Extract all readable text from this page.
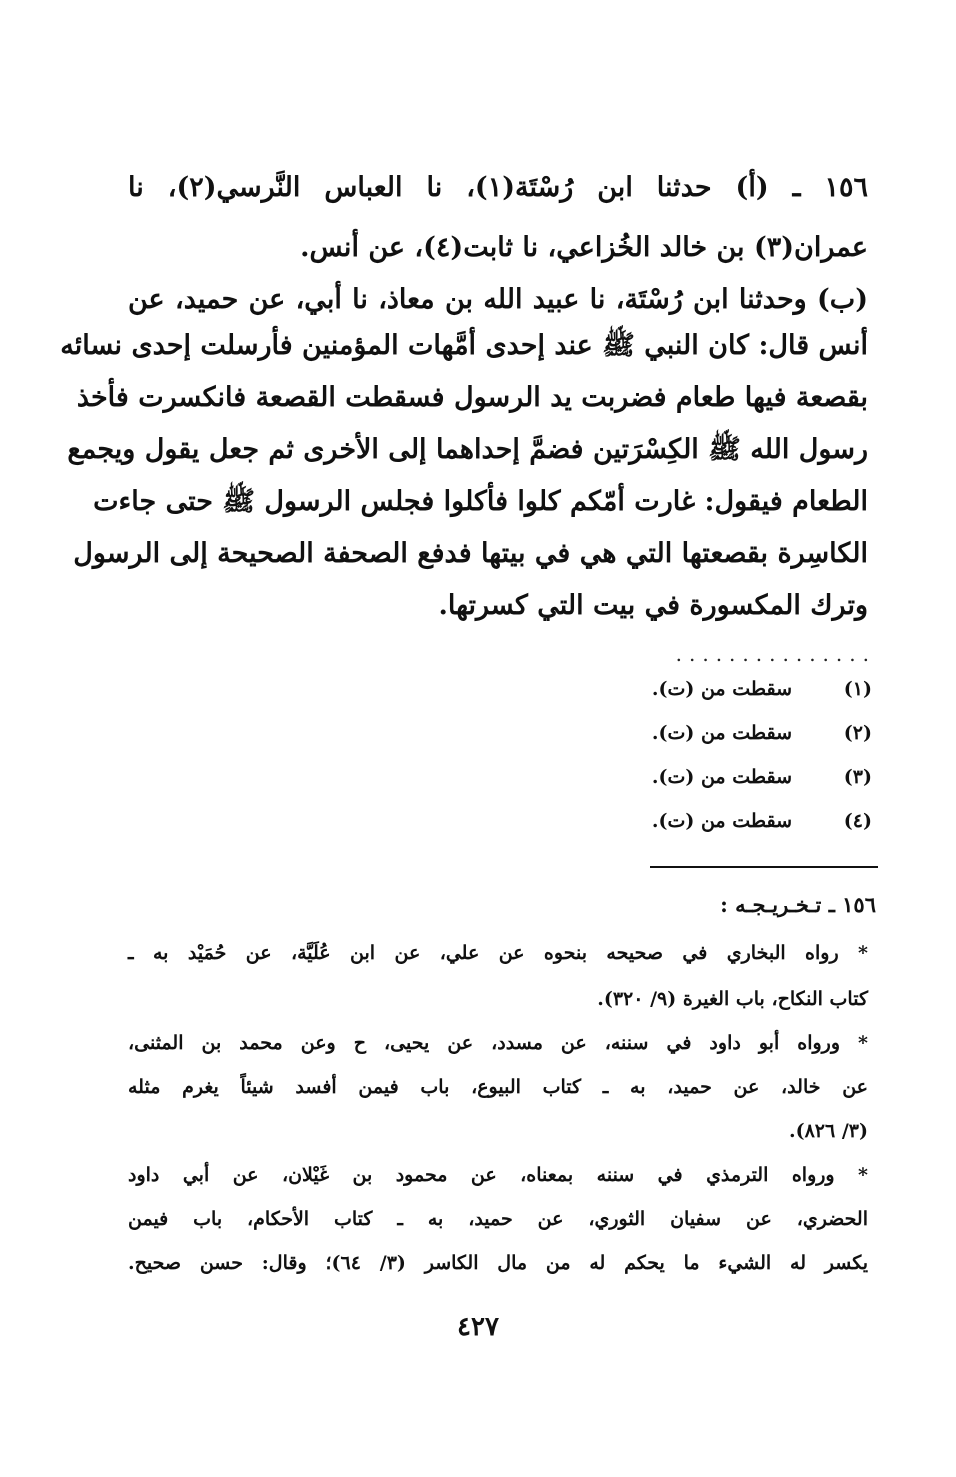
١٥٦ ـ (أ) حدثنا ابن رُسْتَة(١)، نا العباس النَّرسي(٢)، نا
عمران(٣) بن خالد الخُزاعي، نا ثابت(٤)، عن أنس.
(ب) وحدثنا ابن رُسْتَة، نا عبيد الله بن معاذ، نا أبي، عن حميد، عن
أنس قال: كان النبي ﷺ عند إحدى أمَّهات المؤمنين فأرسلت إحدى نسائه
بقصعة فيها طعام فضربت يد الرسول فسقطت القصعة فانكسرت فأخذ
رسول الله ﷺ الكِسْرَتين فضمَّ إحداهما إلى الأخرى ثم جعل يقول ويجمع
الطعام فيقول: غارت أمّكم كلوا فأكلوا فجلس الرسول ﷺ حتى جاءت
الكاسِرة بقصعتها التي هي في بيتها فدفع الصحفة الصحيحة إلى الرسول
وترك المكسورة في بيت التي كسرتها.
...............
(١)سقطت من (ت).
(٢)سقطت من (ت).
(٣)سقطت من (ت).
(٤)سقطت من (ت).
١٥٦ ـ تـخـريـجـه :
* رواه البخاري في صحيحه بنحوه عن علي، عن ابن عُلَيَّة، عن حُمَيْد به ـ
كتاب النكاح، باب الغيرة (٩/ ٣٢٠).
* ورواه أبو داود في سننه، عن مسدد، عن يحيى، ح وعن محمد بن المثنى،
عن خالد، عن حميد، به ـ كتاب البيوع، باب فيمن أفسد شيئاً يغرم مثله
(٣/ ٨٢٦).
* ورواه الترمذي في سننه بمعناه، عن محمود بن غَيْلان، عن أبي داود
الحضري، عن سفيان الثوري، عن حميد، به ـ كتاب الأحكام، باب فيمن
يكسر له الشيء ما يحكم له من مال الكاسر (٣/ ٦٤)؛ وقال: حسن صحيح.
٤٢٧
